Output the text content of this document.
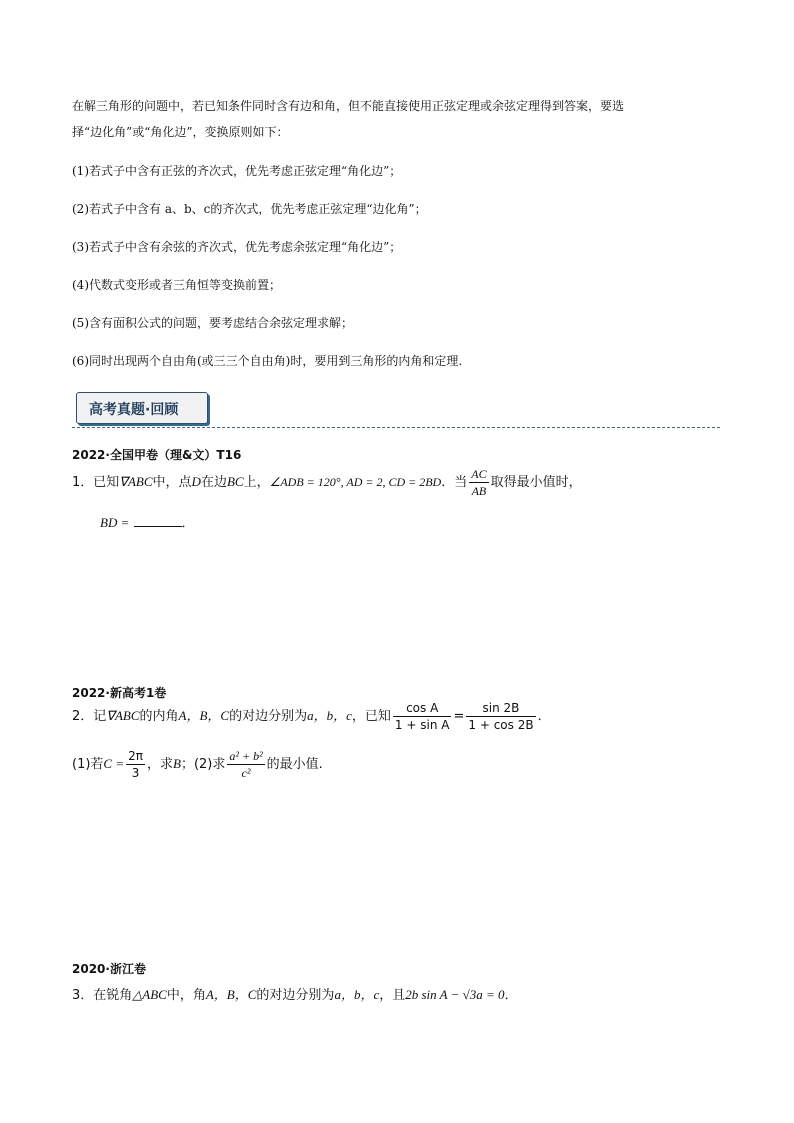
在解三角形的问题中，若已知条件同时含有边和角，但不能直接使用正弦定理或余弦定理得到答案，要选
择“边化角”或“角化边”，变换原则如下：
(1)若式子中含有正弦的齐次式，优先考虑正弦定理“角化边”；
(2)若式子中含有 a、b、c的齐次式，优先考虑正弦定理“边化角”；
(3)若式子中含有余弦的齐次式，优先考虑余弦定理“角化边”；
(4)代数式变形或者三角恒等变换前置；
(5)含有面积公式的问题，要考虑结合余弦定理求解；
(6)同时出现两个自由角(或三三个自由角)时，要用到三角形的内角和定理.
高考真题·回顾
2022·全国甲卷（理&文）T16
1．已知∇ABC中，点D在边BC上，∠ADB = 120°, AD = 2, CD = 2BD．当 $\frac{AC}{AB}$ 取得最小值时，
BD =	．
2022·新高考1卷
2．记∇ABC的内角A，B，C的对边分别为a，b，c，已知 $\frac{\text{cos A}}{\text{1 + sin A}} = \frac{\sin 2B}{1 + \cos 2B}$ ．
(1)若$C = \frac{2\pi}{3}$ ，求B；(2)求 $\frac{\text{a² + b²}}{\text{c²}}$ 的最小值.
2020·浙江卷
3．在锐角△ABC中，角A，B，C的对边分别为a，b，c，且2b sin A − √3a = 0．
